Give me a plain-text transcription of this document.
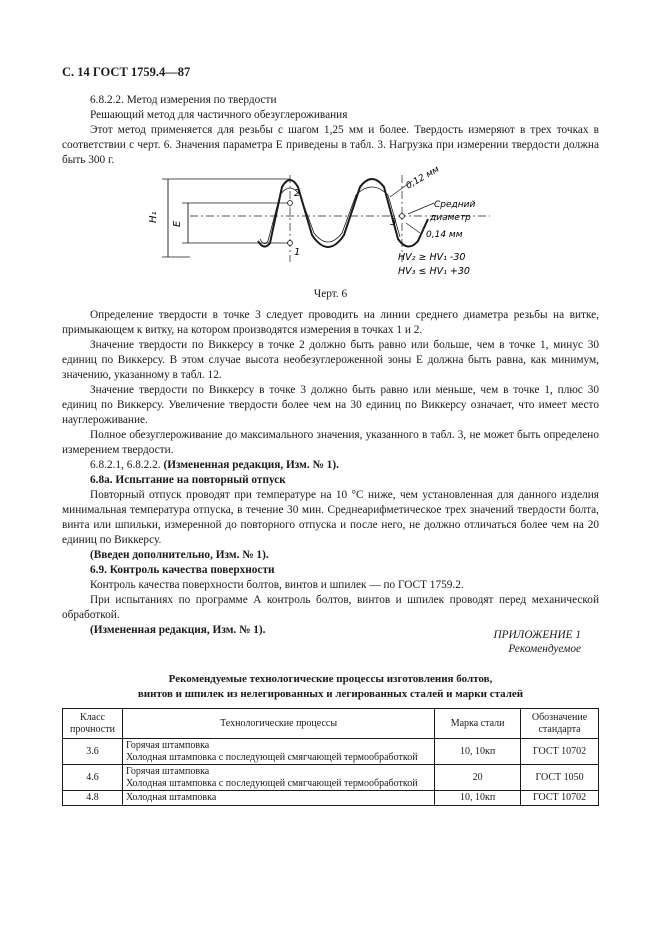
С. 14 ГОСТ 1759.4—87

6.8.2.2. Метод измерения по твердости

Решающий метод для частичного обезуглероживания

Этот метод применяется для резьбы с шагом 1,25 мм и более. Твердость измеряют в трех точках в соответствии с черт. 6. Значения параметра E приведены в табл. 3. Нагрузка при измерении твердости должна быть 300 г.

H₁
E
2
1
3
0,12 мм
0,14 мм
Средний
диаметр
HV₂ ≥ HV₁ -30
HV₃ ≤ HV₁ +30
Черт. 6

Определение твердости в точке 3 следует проводить на линии среднего диаметра резьбы на витке, примыкающем к витку, на котором производятся измерения в точках 1 и 2.

Значение твердости по Виккерсу в точке 2 должно быть равно или больше, чем в точке 1, минус 30 единиц по Виккерсу. В этом случае высота необезуглероженной зоны E должна быть равна, как минимум, значению, указанному в табл. 12.

Значение твердости по Виккерсу в точке 3 должно быть равно или меньше, чем в точке 1, плюс 30 единиц по Виккерсу. Увеличение твердости более чем на 30 единиц по Виккерсу означает, что имеет место науглероживание.

Полное обезуглероживание до максимального значения, указанного в табл. 3, не может быть определено измерением твердости.

6.8.2.1, 6.8.2.2. (Измененная редакция, Изм. № 1).

6.8а. Испытание на повторный отпуск

Повторный отпуск проводят при температуре на 10 °С ниже, чем установленная для данного изделия минимальная температура отпуска, в течение 30 мин. Среднеарифметическое трех значений твердости болта, винта или шпильки, измеренной до повторного отпуска и после него, не должно отличаться более чем на 20 единиц по Виккерсу.

(Введен дополнительно, Изм. № 1).

6.9. Контроль качества поверхности

Контроль качества поверхности болтов, винтов и шпилек — по ГОСТ 1759.2.

При испытаниях по программе А контроль болтов, винтов и шпилек проводят перед механической обработкой.

(Измененная редакция, Изм. № 1).	ПРИЛОЖЕНИЕ 1
Рекомендуемое
Рекомендуемые технологические процессы изготовления болтов,
винтов и шпилек из нелегированных и легированных сталей и марки сталей
Класс прочности	Технологические процессы	Марка стали	Обозначение стандарта
3.6	Горячая штамповка
Холодная штамповка с последующей смягчающей термообработкой	10, 10кп	ГОСТ 10702
4.6	Горячая штамповка
Холодная штамповка с последующей смягчающей термообработкой	20	ГОСТ 1050
4.8	Холодная штамповка	10, 10кп	ГОСТ 10702
